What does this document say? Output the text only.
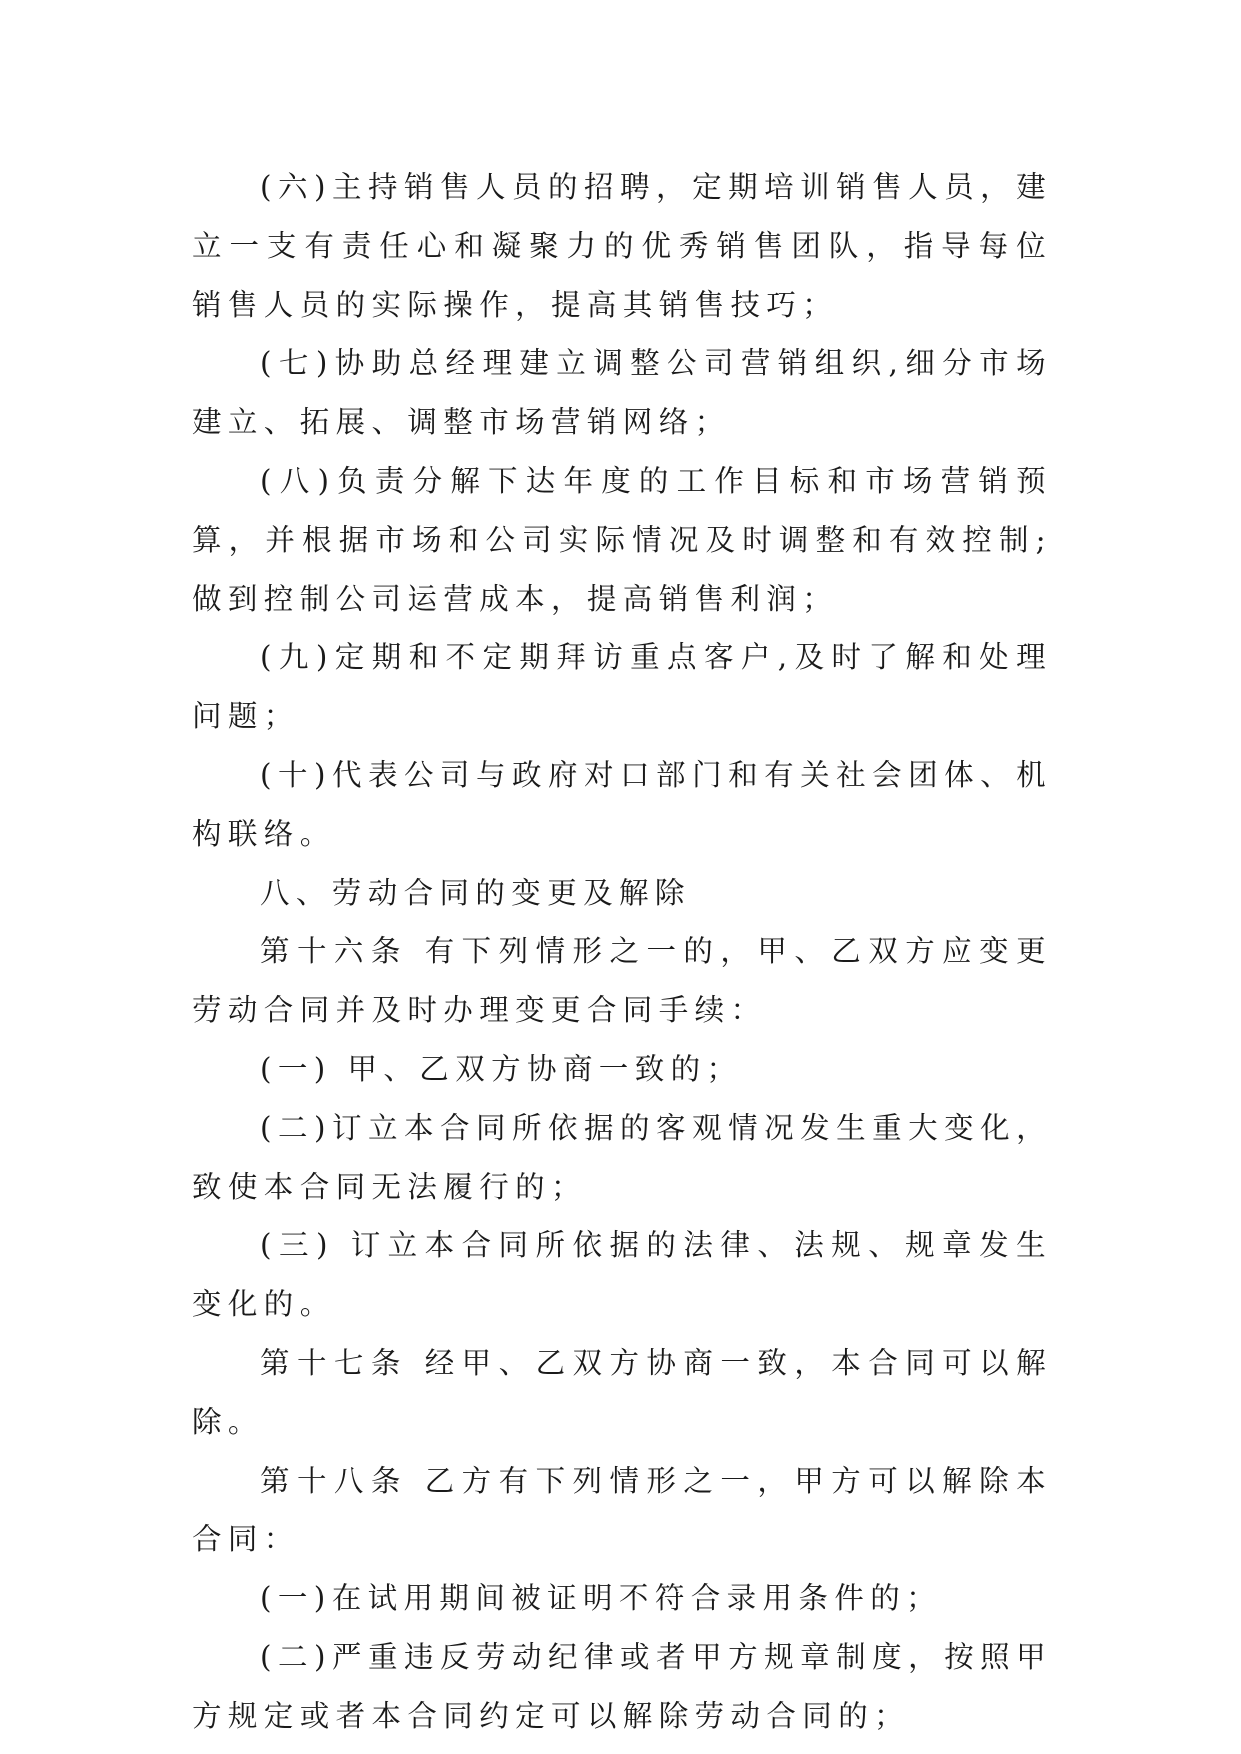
(六)主持销售人员的招聘，定期培训销售人员，建立一支有责任心和凝聚力的优秀销售团队，指导每位销售人员的实际操作，提高其销售技巧；

(七)协助总经理建立调整公司营销组织,细分市场建立、拓展、调整市场营销网络；

(八)负责分解下达年度的工作目标和市场营销预算，并根据市场和公司实际情况及时调整和有效控制;做到控制公司运营成本，提高销售利润；

(九)定期和不定期拜访重点客户,及时了解和处理问题；

(十)代表公司与政府对口部门和有关社会团体、机构联络。

八、劳动合同的变更及解除

第十六条 有下列情形之一的，甲、乙双方应变更劳动合同并及时办理变更合同手续：

(一) 甲、乙双方协商一致的；

(二)订立本合同所依据的客观情况发生重大变化，致使本合同无法履行的；

(三) 订立本合同所依据的法律、法规、规章发生变化的。

第十七条 经甲、乙双方协商一致，本合同可以解除。

第十八条 乙方有下列情形之一，甲方可以解除本合同：

(一)在试用期间被证明不符合录用条件的；

(二)严重违反劳动纪律或者甲方规章制度，按照甲方规定或者本合同约定可以解除劳动合同的；
